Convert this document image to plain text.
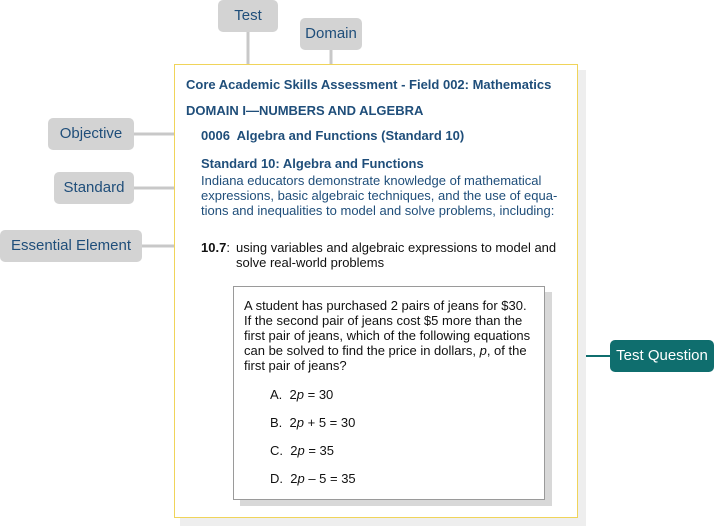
Test
Domain
Objective
Standard
Essential Element
Test Question
Core Academic Skills Assessment - Field 002: Mathematics
DOMAIN I—NUMBERS AND ALGEBRA
0006  Algebra and Functions (Standard 10)
Standard 10: Algebra and Functions
Indiana educators demonstrate knowledge of mathematical expressions, basic algebraic techniques, and the use of equa- tions and inequalities to model and solve problems, including:
10.7: using variables and algebraic expressions to model and
solve real-world problems
A student has purchased 2 pairs of jeans for $30.
If the second pair of jeans cost $5 more than the
first pair of jeans, which of the following equations
can be solved to find the price in dollars, p, of the
first pair of jeans?
A. 2p = 30
B. 2p + 5 = 30
C. 2p = 35
D. 2p – 5 = 35
